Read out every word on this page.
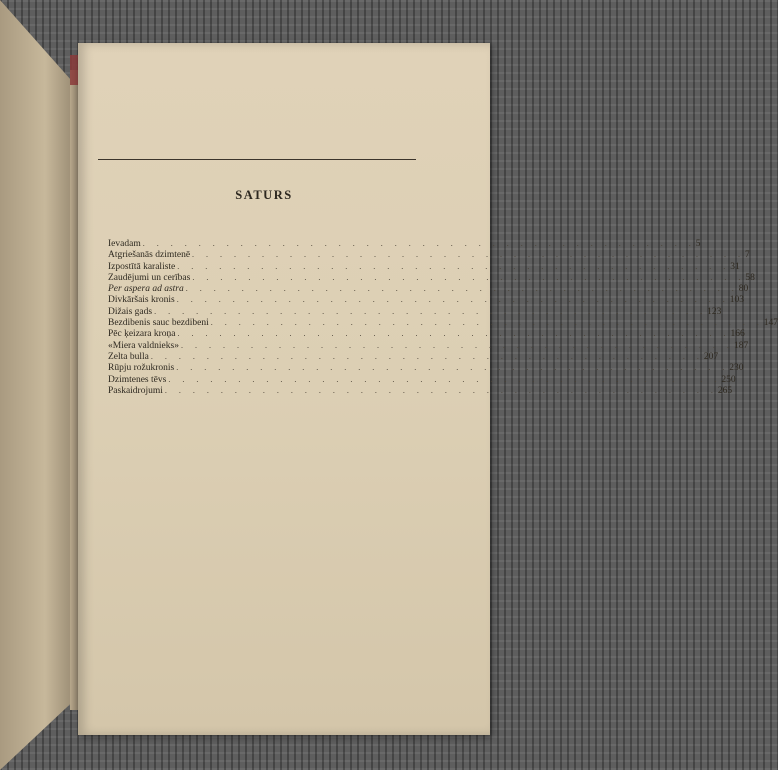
SATURS
Ievadam . . . . . . . . . . . . . . . . . . . . . . . . . . . . . . . . . . . . . . . . 5
Atgriešanās dzimtenē . . . . . . . . . . . . . . . . . . . . . . . . . . . . . . . . . . . . . . . . 7
Izpostītā karaliste . . . . . . . . . . . . . . . . . . . . . . . . . . . . . . . . . . . . . . . . 31
Zaudējumi un cerības . . . . . . . . . . . . . . . . . . . . . . . . . . . . . . . . . . . . . . . . 58
Per aspera ad astra . . . . . . . . . . . . . . . . . . . . . . . . . . . . . . . . . . . . . . . . 80
Divkāršais kronis . . . . . . . . . . . . . . . . . . . . . . . . . . . . . . . . . . . . . . . . 103
Dižais gads . . . . . . . . . . . . . . . . . . . . . . . . . . . . . . . . . . . . . . . . 123
Bezdibenis sauc bezdibeni . . . . . . . . . . . . . . . . . . . . . . . . . . . . . . . . . . . . . . . . 147
Pēc ķeizara kroņa . . . . . . . . . . . . . . . . . . . . . . . . . . . . . . . . . . . . . . . . 166
«Miera valdnieks» . . . . . . . . . . . . . . . . . . . . . . . . . . . . . . . . . . . . . . . . 187
Zelta bulla . . . . . . . . . . . . . . . . . . . . . . . . . . . . . . . . . . . . . . . . 207
Rūpju rožukronis . . . . . . . . . . . . . . . . . . . . . . . . . . . . . . . . . . . . . . . . 230
Dzimtenes tēvs . . . . . . . . . . . . . . . . . . . . . . . . . . . . . . . . . . . . . . . . 250
Paskaidrojumi . . . . . . . . . . . . . . . . . . . . . . . . . . . . . . . . . . . . . . . . 265
